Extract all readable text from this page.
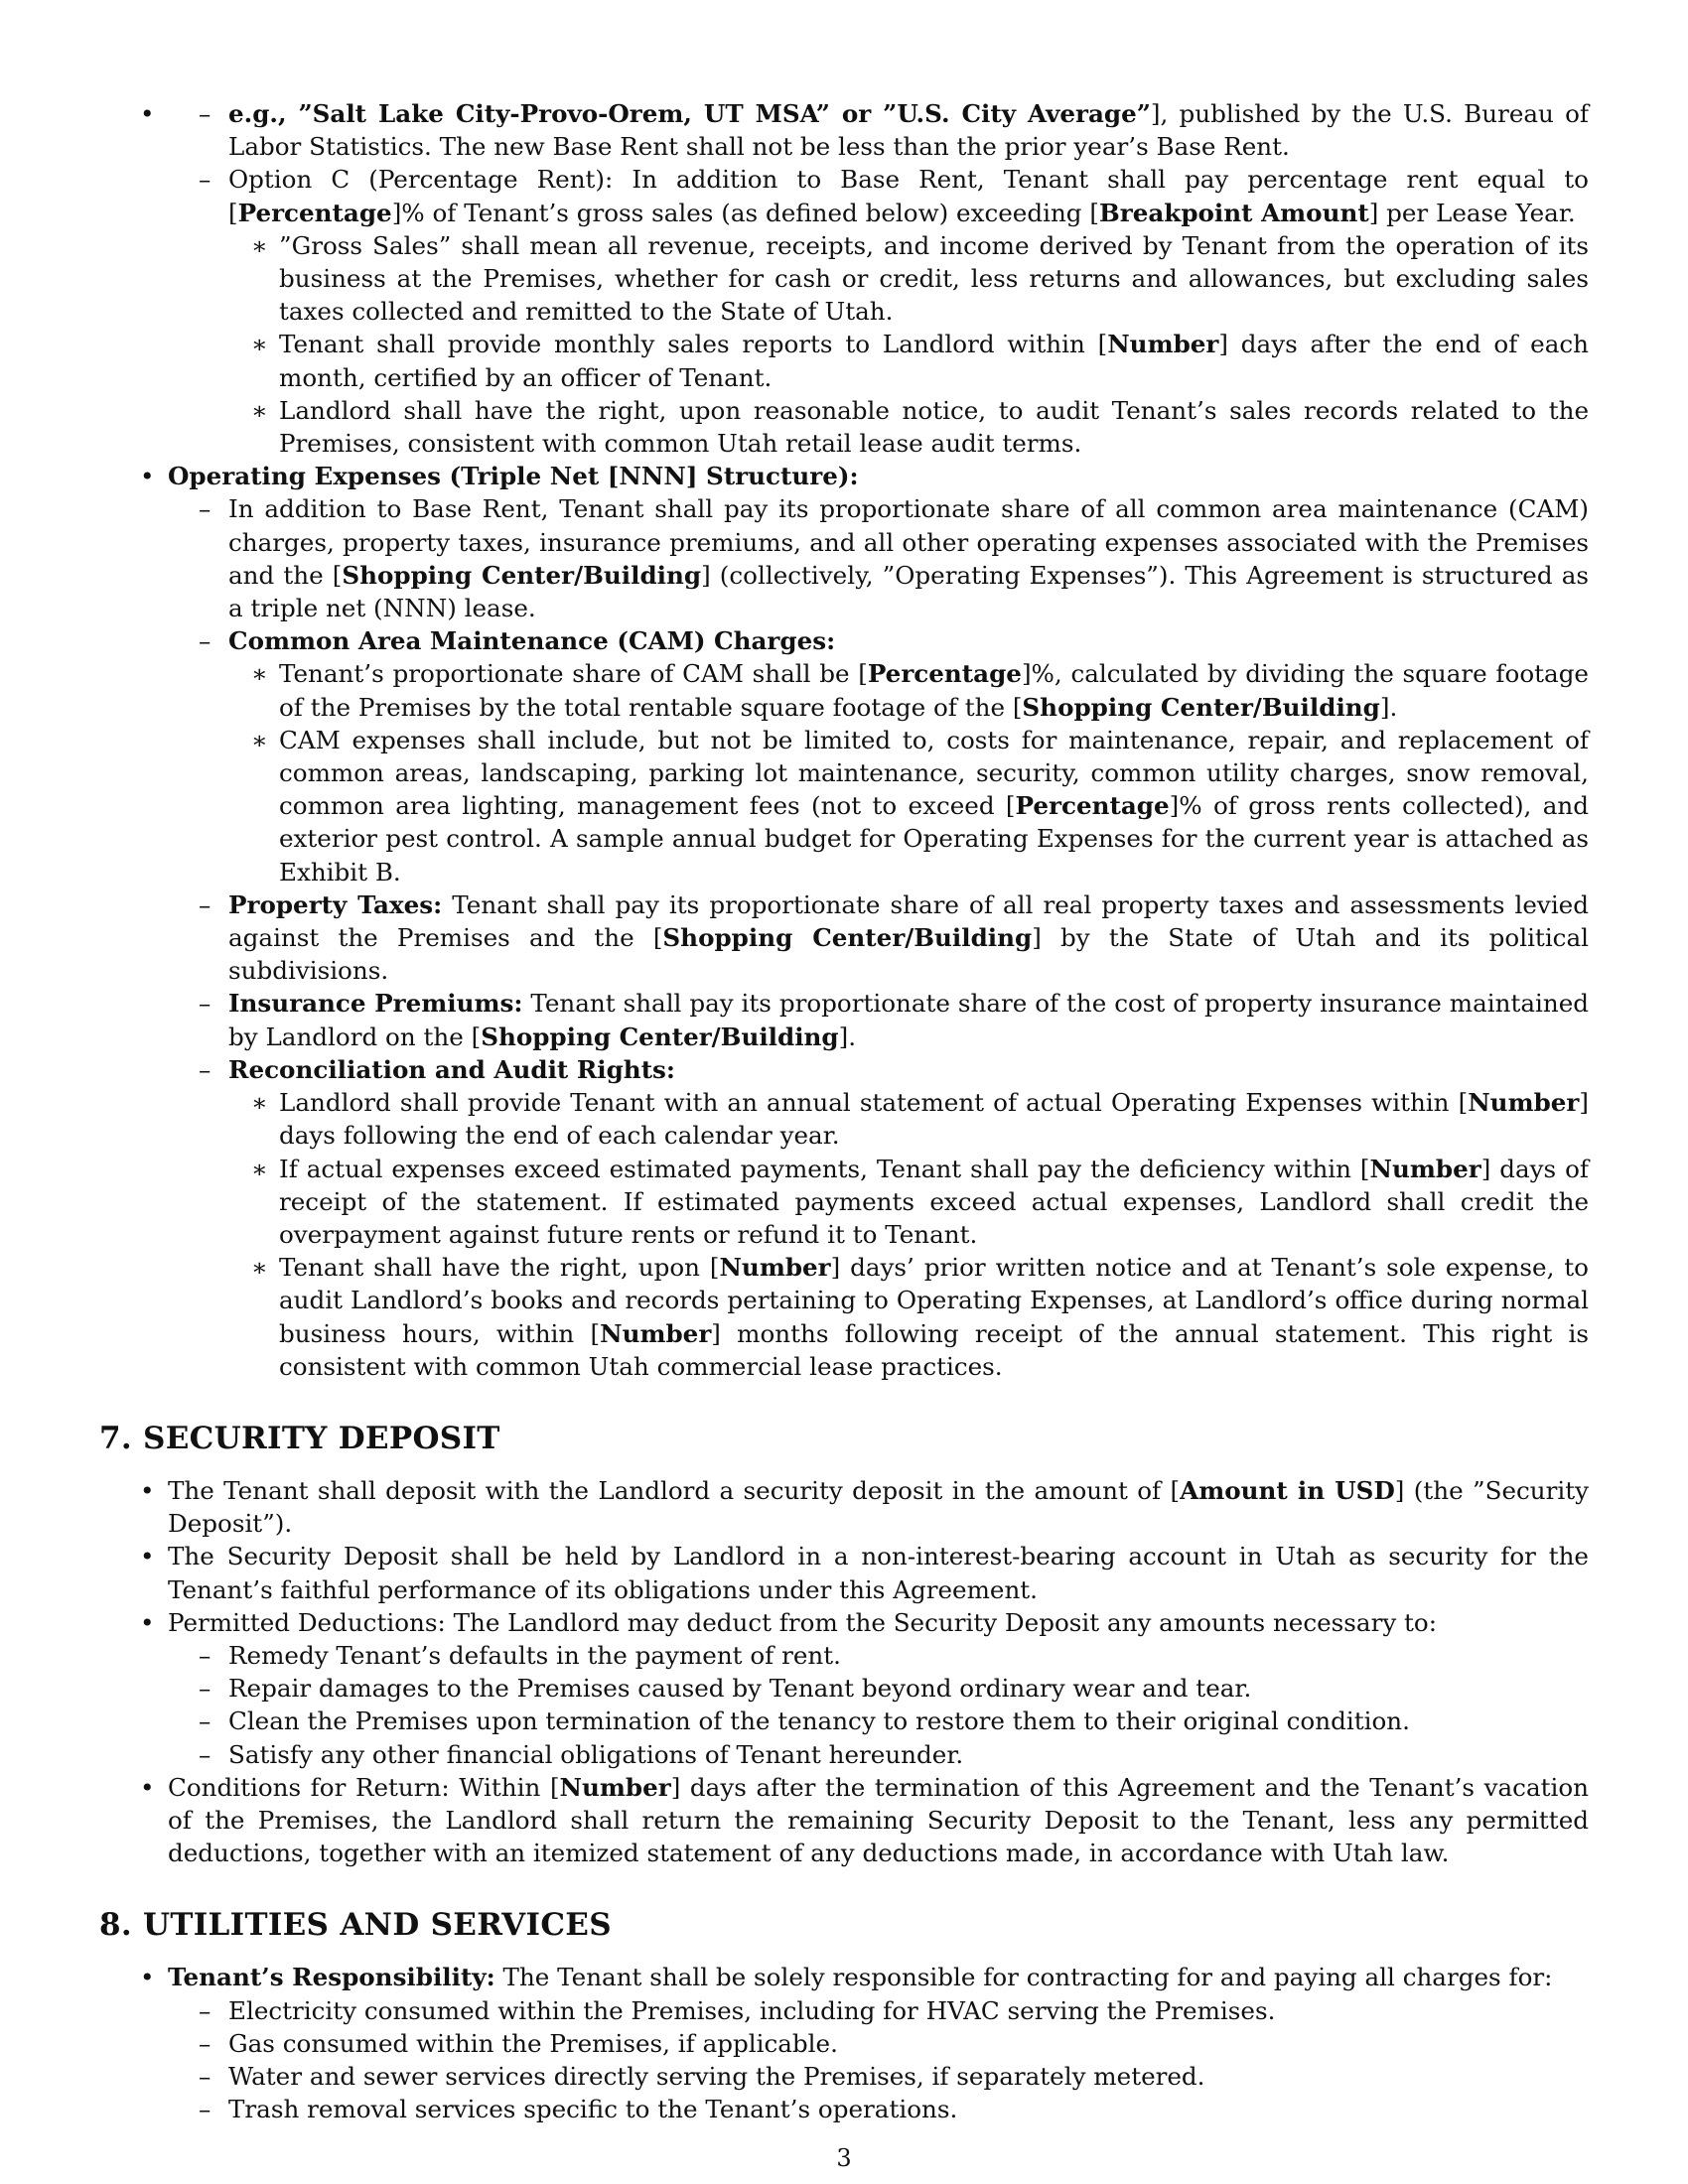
– • e.g., ”Salt Lake City-Provo-Orem, UT MSA” or ”U.S. City Average”], published by the U.S. Bureau of Labor Statistics. The new Base Rent shall not be less than the prior year’s Base Rent.
– Option C (Percentage Rent): In addition to Base Rent, Tenant shall pay percentage rent equal to [Percentage]% of Tenant’s gross sales (as defined below) exceeding [Breakpoint Amount] per Lease Year.
∗ ”Gross Sales” shall mean all revenue, receipts, and income derived by Tenant from the operation of its business at the Premises, whether for cash or credit, less returns and allowances, but excluding sales taxes collected and remitted to the State of Utah.
∗ Tenant shall provide monthly sales reports to Landlord within [Number] days after the end of each month, certified by an officer of Tenant.
∗ Landlord shall have the right, upon reasonable notice, to audit Tenant’s sales records related to the Premises, consistent with common Utah retail lease audit terms.
• Operating Expenses (Triple Net [NNN] Structure):
– In addition to Base Rent, Tenant shall pay its proportionate share of all common area maintenance (CAM) charges, property taxes, insurance premiums, and all other operating expenses associated with the Premises and the [Shopping Center/Building] (collectively, ”Operating Expenses”). This Agreement is structured as a triple net (NNN) lease.
– Common Area Maintenance (CAM) Charges:
∗ Tenant’s proportionate share of CAM shall be [Percentage]%, calculated by dividing the square footage of the Premises by the total rentable square footage of the [Shopping Center/Building].
∗ CAM expenses shall include, but not be limited to, costs for maintenance, repair, and replacement of common areas, landscaping, parking lot maintenance, security, common utility charges, snow removal, common area lighting, management fees (not to exceed [Percentage]% of gross rents collected), and exterior pest control. A sample annual budget for Operating Expenses for the current year is attached as Exhibit B.
– Property Taxes: Tenant shall pay its proportionate share of all real property taxes and assessments levied against the Premises and the [Shopping Center/Building] by the State of Utah and its political subdivisions.
– Insurance Premiums: Tenant shall pay its proportionate share of the cost of property insurance maintained by Landlord on the [Shopping Center/Building].
– Reconciliation and Audit Rights:
∗ Landlord shall provide Tenant with an annual statement of actual Operating Expenses within [Number] days following the end of each calendar year.
∗ If actual expenses exceed estimated payments, Tenant shall pay the deficiency within [Number] days of receipt of the statement. If estimated payments exceed actual expenses, Landlord shall credit the overpayment against future rents or refund it to Tenant.
∗ Tenant shall have the right, upon [Number] days’ prior written notice and at Tenant’s sole expense, to audit Landlord’s books and records pertaining to Operating Expenses, at Landlord’s office during normal business hours, within [Number] months following receipt of the annual statement. This right is consistent with common Utah commercial lease practices.
7. SECURITY DEPOSIT
• The Tenant shall deposit with the Landlord a security deposit in the amount of [Amount in USD] (the ”Security Deposit”).
• The Security Deposit shall be held by Landlord in a non-interest-bearing account in Utah as security for the Tenant’s faithful performance of its obligations under this Agreement.
• Permitted Deductions: The Landlord may deduct from the Security Deposit any amounts necessary to:
– Remedy Tenant’s defaults in the payment of rent.
– Repair damages to the Premises caused by Tenant beyond ordinary wear and tear.
– Clean the Premises upon termination of the tenancy to restore them to their original condition.
– Satisfy any other financial obligations of Tenant hereunder.
• Conditions for Return: Within [Number] days after the termination of this Agreement and the Tenant’s vacation of the Premises, the Landlord shall return the remaining Security Deposit to the Tenant, less any permitted deductions, together with an itemized statement of any deductions made, in accordance with Utah law.
8. UTILITIES AND SERVICES
• Tenant’s Responsibility: The Tenant shall be solely responsible for contracting for and paying all charges for:
– Electricity consumed within the Premises, including for HVAC serving the Premises.
– Gas consumed within the Premises, if applicable.
– Water and sewer services directly serving the Premises, if separately metered.
– Trash removal services specific to the Tenant’s operations.
3
